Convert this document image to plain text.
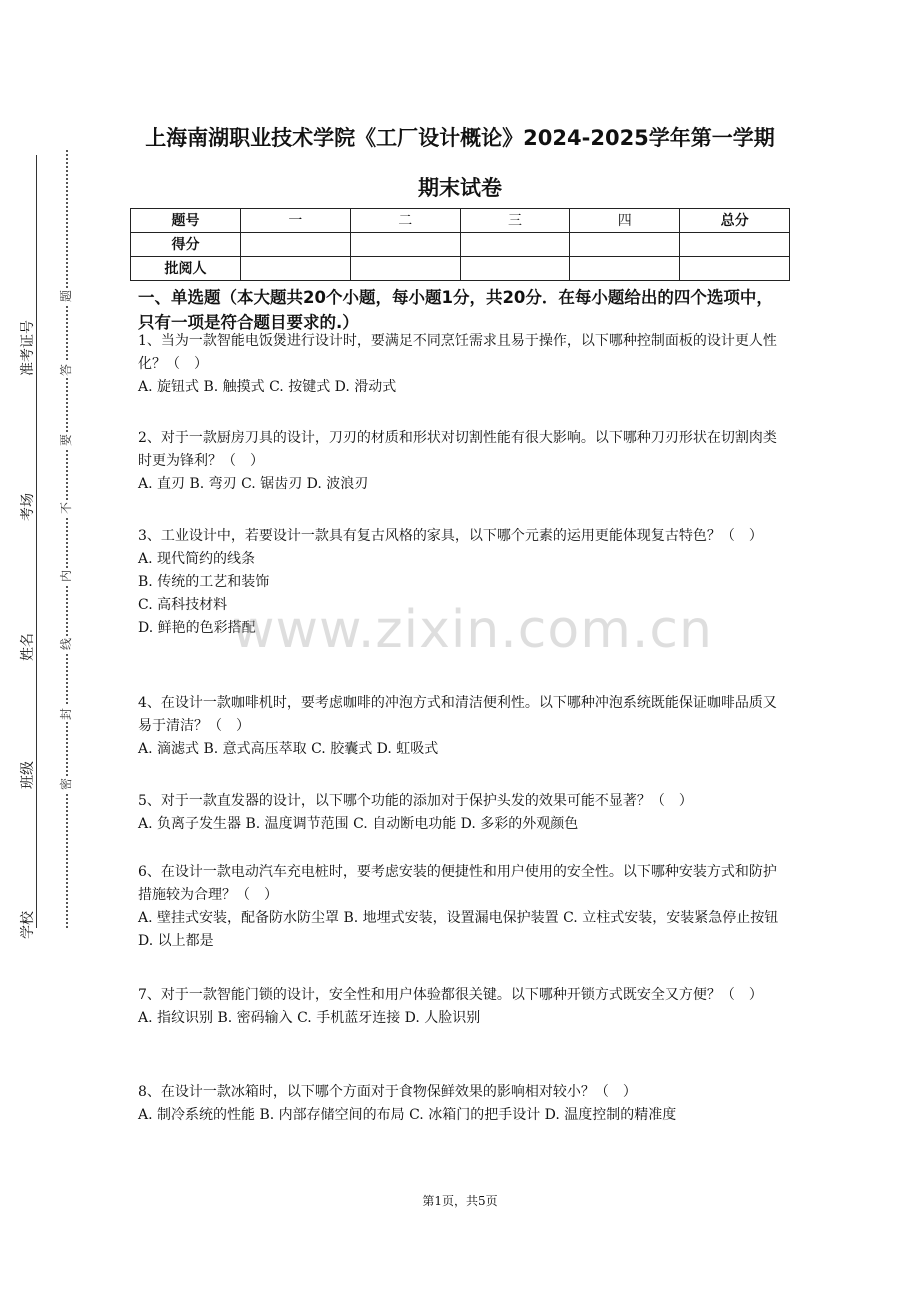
准考证号
考场
姓名
班级
学校
题
答
要
不
内
线
封
密
上海南湖职业技术学院《工厂设计概论》2024-2025学年第一学期
期末试卷
题号	一	二	三	四	总分
得分					
批阅人					
一、单选题（本大题共20个小题，每小题1分，共20分．在每小题给出的四个选项中，只有一项是符合题目要求的.）
1、当为一款智能电饭煲进行设计时，要满足不同烹饪需求且易于操作，以下哪种控制面板的设计更人性化？（　）
A. 旋钮式 B. 触摸式 C. 按键式 D. 滑动式
2、对于一款厨房刀具的设计，刀刃的材质和形状对切割性能有很大影响。以下哪种刀刃形状在切割肉类时更为锋利？（　）
A. 直刃 B. 弯刃 C. 锯齿刃 D. 波浪刃
3、工业设计中，若要设计一款具有复古风格的家具，以下哪个元素的运用更能体现复古特色？（　）
A. 现代简约的线条
B. 传统的工艺和装饰
C. 高科技材料
D. 鲜艳的色彩搭配
4、在设计一款咖啡机时，要考虑咖啡的冲泡方式和清洁便利性。以下哪种冲泡系统既能保证咖啡品质又易于清洁？（　）
A. 滴滤式 B. 意式高压萃取 C. 胶囊式 D. 虹吸式
5、对于一款直发器的设计，以下哪个功能的添加对于保护头发的效果可能不显著？（　）
A. 负离子发生器 B. 温度调节范围 C. 自动断电功能 D. 多彩的外观颜色
6、在设计一款电动汽车充电桩时，要考虑安装的便捷性和用户使用的安全性。以下哪种安装方式和防护措施较为合理？（　）
A. 壁挂式安装，配备防水防尘罩 B. 地埋式安装，设置漏电保护装置 C. 立柱式安装，安装紧急停止按钮 D. 以上都是
7、对于一款智能门锁的设计，安全性和用户体验都很关键。以下哪种开锁方式既安全又方便？（　）
A. 指纹识别 B. 密码输入 C. 手机蓝牙连接 D. 人脸识别
8、在设计一款冰箱时，以下哪个方面对于食物保鲜效果的影响相对较小？（　）
A. 制冷系统的性能 B. 内部存储空间的布局 C. 冰箱门的把手设计 D. 温度控制的精准度
www.zixin.com.cn
第1页，共5页
